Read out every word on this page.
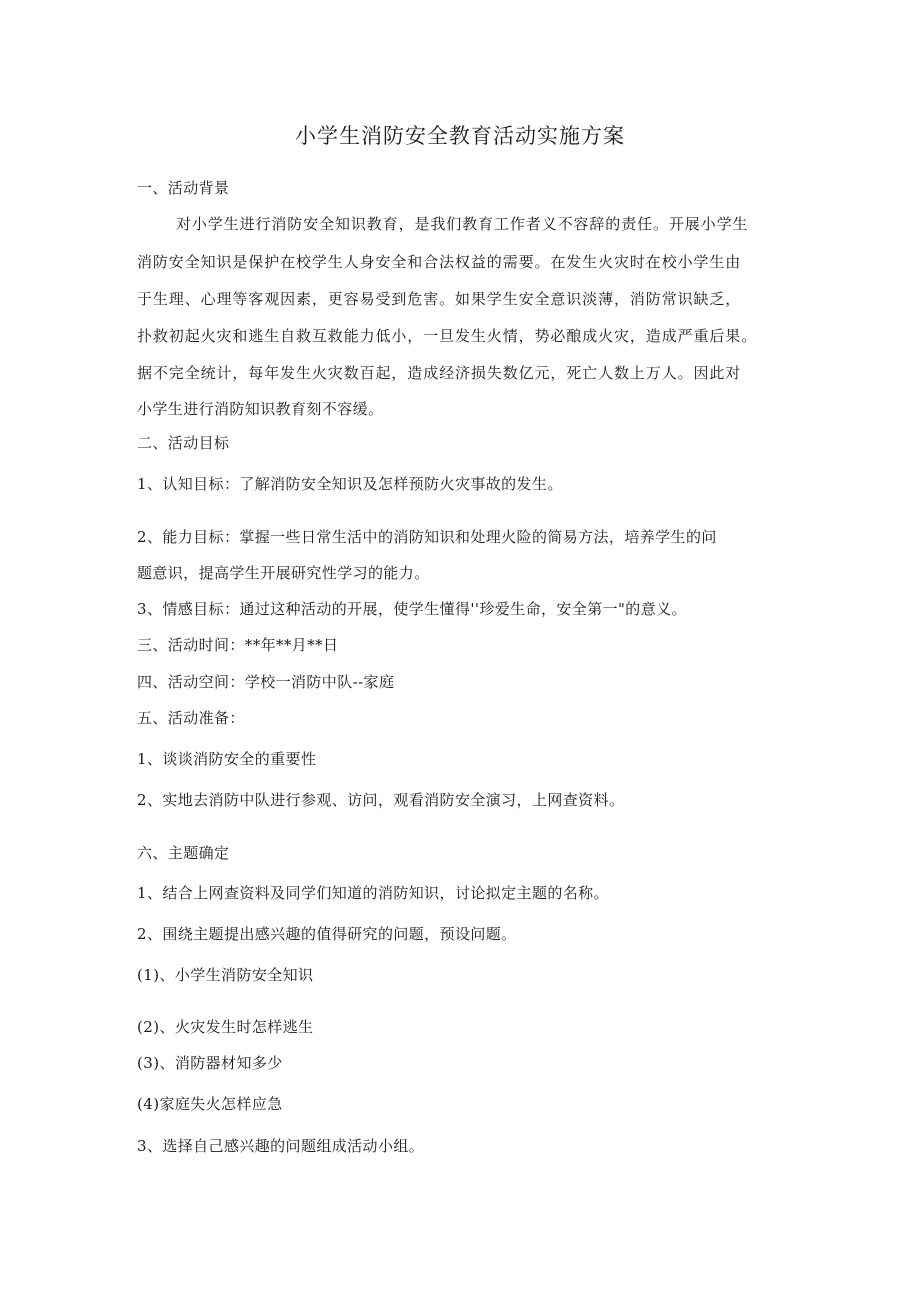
小学生消防安全教育活动实施方案
一、活动背景
对小学生进行消防安全知识教育，是我们教育工作者义不容辞的责任。开展小学生
消防安全知识是保护在校学生人身安全和合法权益的需要。在发生火灾时在校小学生由
于生理、心理等客观因素，更容易受到危害。如果学生安全意识淡薄，消防常识缺乏，
扑救初起火灾和逃生自救互救能力低小，一旦发生火情，势必酿成火灾，造成严重后果。
据不完全统计，每年发生火灾数百起，造成经济损失数亿元，死亡人数上万人。因此对
小学生进行消防知识教育刻不容缓。
二、活动目标
1、认知目标：了解消防安全知识及怎样预防火灾事故的发生。
2、能力目标：掌握一些日常生活中的消防知识和处理火险的简易方法，培养学生的问
题意识，提高学生开展研究性学习的能力。
3、情感目标：通过这种活动的开展，使学生懂得''珍爱生命，安全第一"的意义。
三、活动时间：**年**月**日
四、活动空间：学校一消防中队--家庭
五、活动准备：
1、谈谈消防安全的重要性
2、实地去消防中队进行参观、访问，观看消防安全演习，上网查资料。
六、主题确定
1、结合上网查资料及同学们知道的消防知识，讨论拟定主题的名称。
2、围绕主题提出感兴趣的值得研究的问题，预设问题。
(1)、小学生消防安全知识
(2)、火灾发生时怎样逃生
(3)、消防器材知多少
(4)家庭失火怎样应急
3、选择自己感兴趣的问题组成活动小组。
